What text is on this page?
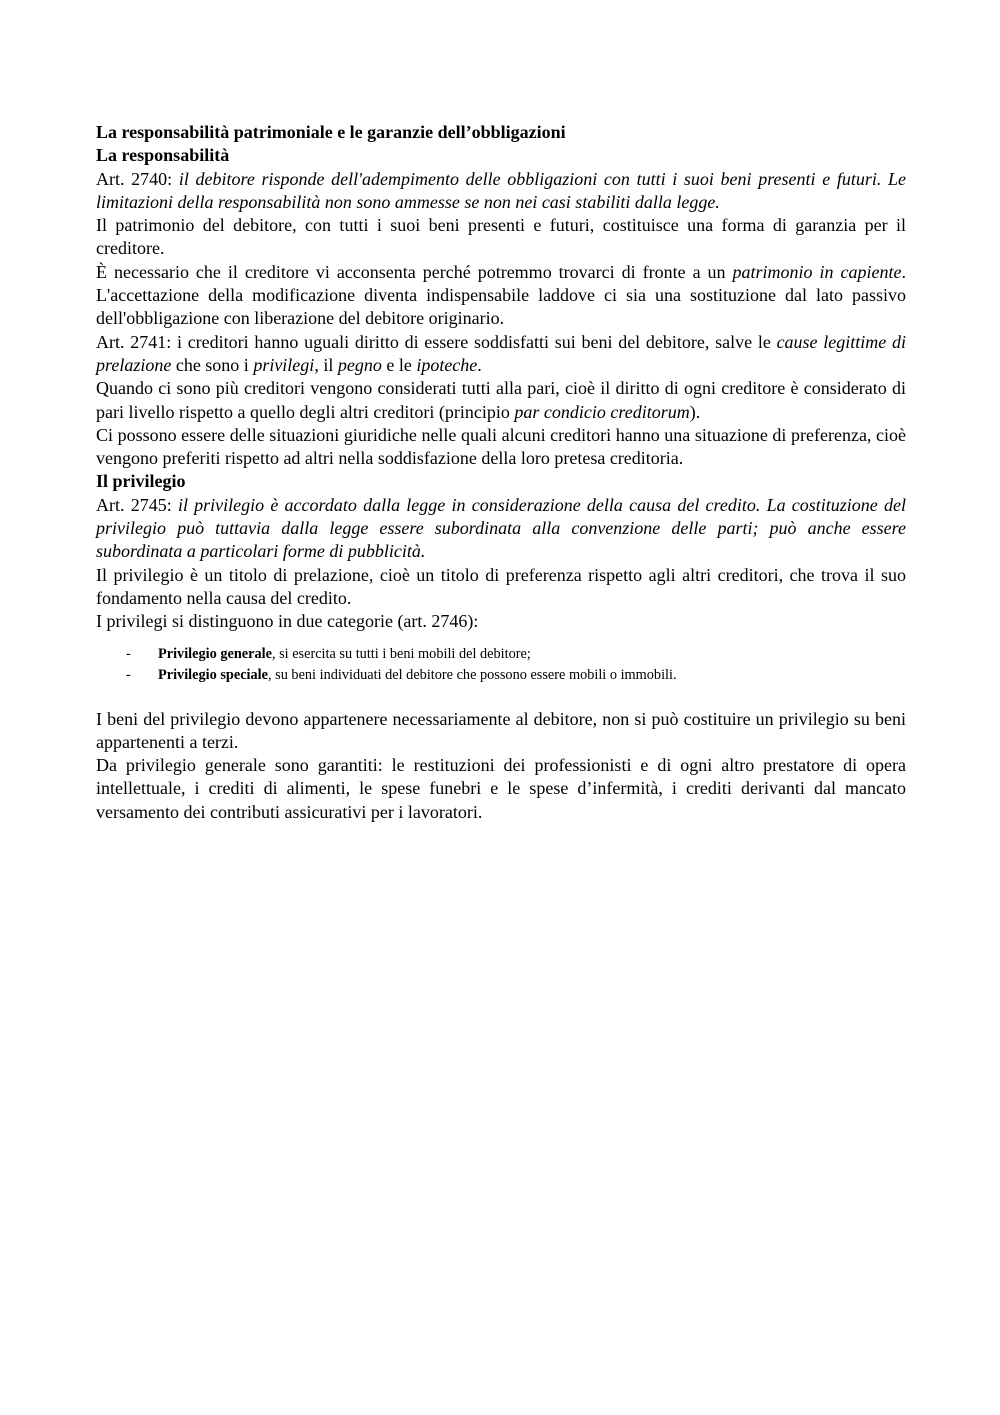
La responsabilità patrimoniale e le garanzie dell’obbligazioni

La responsabilità

Art. 2740: il debitore risponde dell'adempimento delle obbligazioni con tutti i suoi beni presenti e futuri. Le limitazioni della responsabilità non sono ammesse se non nei casi stabiliti dalla legge.

Il patrimonio del debitore, con tutti i suoi beni presenti e futuri, costituisce una forma di garanzia per il creditore.

È necessario che il creditore vi acconsenta perché potremmo trovarci di fronte a un patrimonio in capiente. L'accettazione della modificazione diventa indispensabile laddove ci sia una sostituzione dal lato passivo dell'obbligazione con liberazione del debitore originario.

Art. 2741: i creditori hanno uguali diritto di essere soddisfatti sui beni del debitore, salve le cause legittime di prelazione che sono i privilegi, il pegno e le ipoteche.

Quando ci sono più creditori vengono considerati tutti alla pari, cioè il diritto di ogni creditore è considerato di pari livello rispetto a quello degli altri creditori (principio par condicio creditorum).

Ci possono essere delle situazioni giuridiche nelle quali alcuni creditori hanno una situazione di preferenza, cioè vengono preferiti rispetto ad altri nella soddisfazione della loro pretesa creditoria.

Il privilegio

Art. 2745: il privilegio è accordato dalla legge in considerazione della causa del credito. La costituzione del privilegio può tuttavia dalla legge essere subordinata alla convenzione delle parti; può anche essere subordinata a particolari forme di pubblicità.

Il privilegio è un titolo di prelazione, cioè un titolo di preferenza rispetto agli altri creditori, che trova il suo fondamento nella causa del credito.

I privilegi si distinguono in due categorie (art. 2746):

- Privilegio generale, si esercita su tutti i beni mobili del debitore;
- Privilegio speciale, su beni individuati del debitore che possono essere mobili o immobili.

I beni del privilegio devono appartenere necessariamente al debitore, non si può costituire un privilegio su beni appartenenti a terzi.

Da privilegio generale sono garantiti: le restituzioni dei professionisti e di ogni altro prestatore di opera intellettuale, i crediti di alimenti, le spese funebri e le spese d’infermità, i crediti derivanti dal mancato versamento dei contributi assicurativi per i lavoratori.
